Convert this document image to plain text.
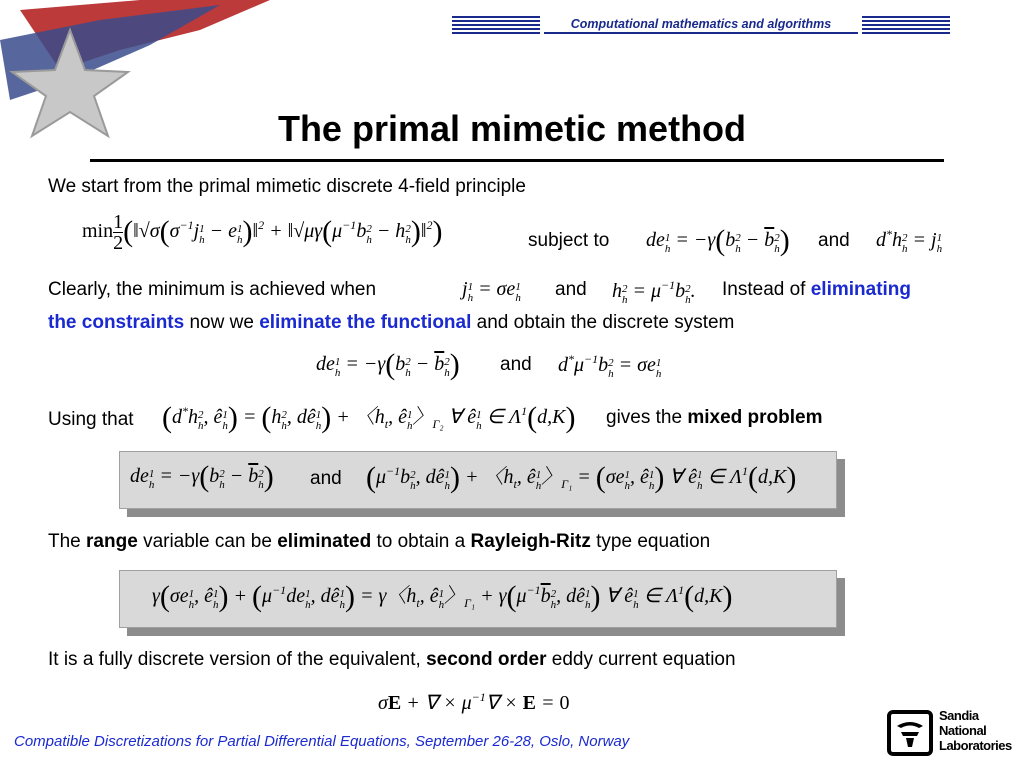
Computational mathematics and algorithms
The primal mimetic method
We start from the primal mimetic discrete 4-field principle
$\min \frac{1}{2}$ ($‖√\sigma(\sigma^{-1}j$ 1
h − e 1
h )‖$^2$ + $‖√\mu\gamma(\mu^{-1}b$ 2
h − h 2
h )‖$^2$)	subject to de 1
h = −γ(b 2
$h - \overline{b}$ 2
h ) and d*h 2
h = j 1
h
Clearly, the minimum is achieved when	j 1
h = σe 1
h and h 2
$h = \mu^{-1}b$ 2
h . Instead of eliminating
the constraints now we eliminate the functional and obtain the discrete system
de 1
h = −γ(b 2
$h - \overline{b}$ 2
h ) and $d^*\mu^{-1}b$ 2
h = σe 1
h
Using that (d*h 2
h , ê 1
h ) = (h 2
h , dê 1
h ) + 〈$h_t$, ê 1
h 〉$_{\Gamma_2}$ ∀ ê 1
h ∈ $\Lambda^1(d,K)$ gives the mixed problem
de 1
h = −γ(b 2
$h - \overline{b}$ 2
h ) and ($\mu^{-1}b$ 2
h , dê 1
h ) + 〈$h_t$, ê 1
h 〉$_{\Gamma_1}$ = (σe 1
h , ê 1
h ) ∀ ê 1
h ∈ $\Lambda^1(d,K)$
The range variable can be eliminated to obtain a Rayleigh-Ritz type equation
γ(σe 1
h , ê 1
h ) + ($\mu^{-1}de$ 1
h , dê 1
h ) = γ〈$h_t$, ê 1
h 〉$_{\Gamma_1} + \gamma(\mu^{-1}\overline{b}$ 2
h , dê 1
h ) ∀ ê 1
h ∈ $\Lambda^1(d,K)$
It is a fully discrete version of the equivalent, second order eddy current equation
σE + ∇ × $\mu^{-1}\nabla \times E = 0$
Compatible Discretizations for Partial Differential Equations, September 26-28, Oslo, Norway
Sandia
National
Laboratories
